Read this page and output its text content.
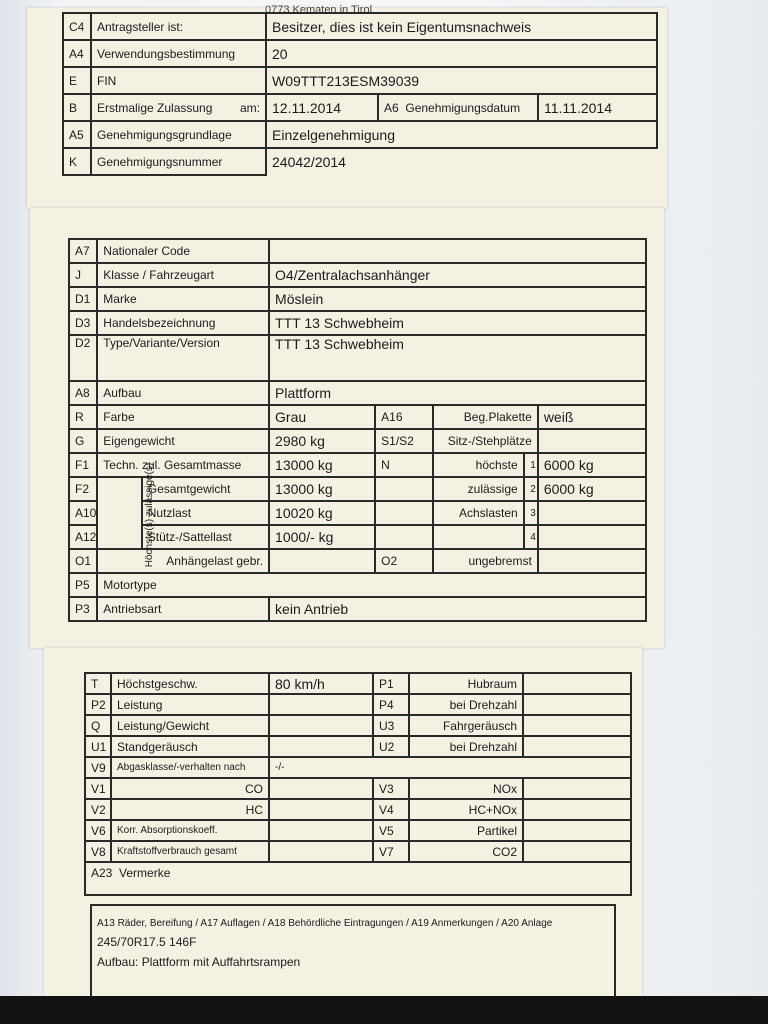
0773 Kematen in Tirol
C4	Antragsteller ist:	Besitzer, dies ist kein Eigentumsnachweis		
A4	Verwendungsbestimmung	20		
E	FIN	W09TTT213ESM39039		
B	Erstmalige Zulassung am:	12.11.2014	A6 Genehmigungsdatum	11.11.2014
A5	Genehmigungsgrundlage	Einzelgenehmigung		
K	Genehmigungsnummer	24042/2014		
A7	Nationaler Code						
J	Klasse / Fahrzeugart		O4/Zentralachsanhänger				
D1	Marke		Möslein				
D3	Handelsbezeichnung		TTT 13 Schwebheim				
D2	Type/Variante/Version		TTT 13 Schwebheim				
A8	Aufbau		Plattform				
R	Farbe		Grau	A16	Beg.Plakette		weiß
G	Eigengewicht		2980 kg	S1/S2	Sitz-/Stehplätze		
F1	Techn. zul. Gesamtmasse		13000 kg	N	höchste	1	6000 kg
F2	Höchste(s) zulässige(s)	Gesamtgewicht	13000 kg		zulässige	2	6000 kg
A10		Nutzlast	10020 kg		Achslasten	3	
A12		Stütz-/Sattellast	1000/- kg			4	
O1	Anhängelast gebr.			O2	ungebremst		
P5	Motortype						
P3	Antriebsart		kein Antrieb				
T	Höchstgeschw.	80 km/h	P1	Hubraum	
P2	Leistung		P4	bei Drehzahl	
Q	Leistung/Gewicht		U3	Fahrgeräusch	
U1	Standgeräusch		U2	bei Drehzahl	
V9	Abgasklasse/-verhalten nach	-/-			
V1	CO		V3	NOx	
V2	HC		V4	HC+NOx	
V6	Korr. Absorptionskoeff.		V5	Partikel	
V8	Kraftstoffverbrauch gesamt		V7	CO2	
A23 Vermerke					
A13 Räder, Bereifung / A17 Auflagen / A18 Behördliche Eintragungen / A19 Anmerkungen / A20 Anlage
245/70R17.5 146F
Aufbau: Plattform mit Auffahrtsrampen
